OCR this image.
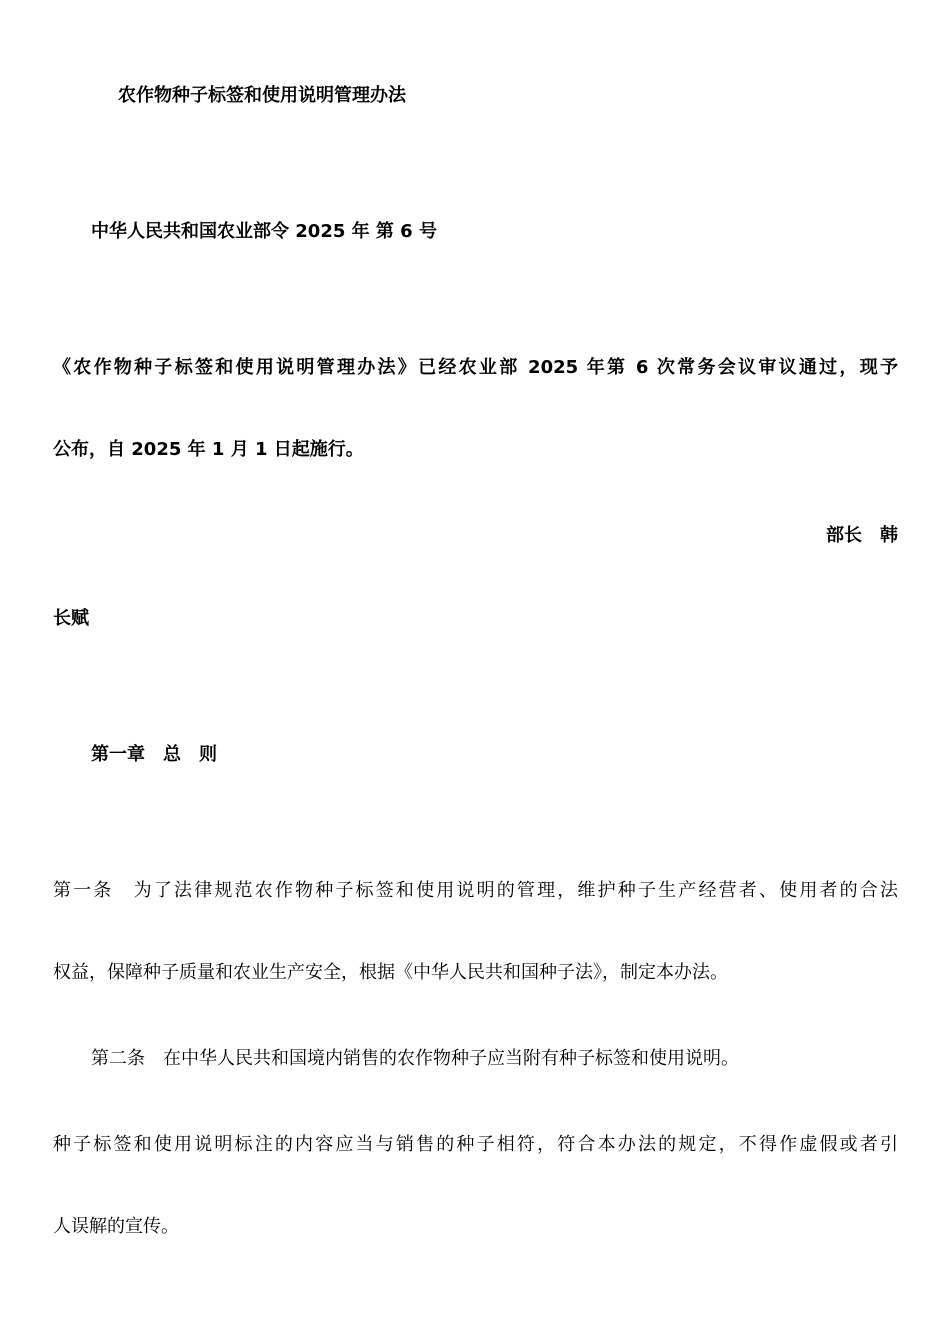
农作物种子标签和使用说明管理办法
中华人民共和国农业部令 2025 年 第 6 号
《农作物种子标签和使用说明管理办法》已经农业部 2025 年第 6 次常务会议审议通过，现予
公布，自 2025 年 1 月 1 日起施行。
部长　韩
长赋
第一章　总　则
第一条　为了法律规范农作物种子标签和使用说明的管理，维护种子生产经营者、使用者的合法
权益，保障种子质量和农业生产安全，根据《中华人民共和国种子法》，制定本办法。
第二条　在中华人民共和国境内销售的农作物种子应当附有种子标签和使用说明。
种子标签和使用说明标注的内容应当与销售的种子相符，符合本办法的规定，不得作虚假或者引
人误解的宣传。
